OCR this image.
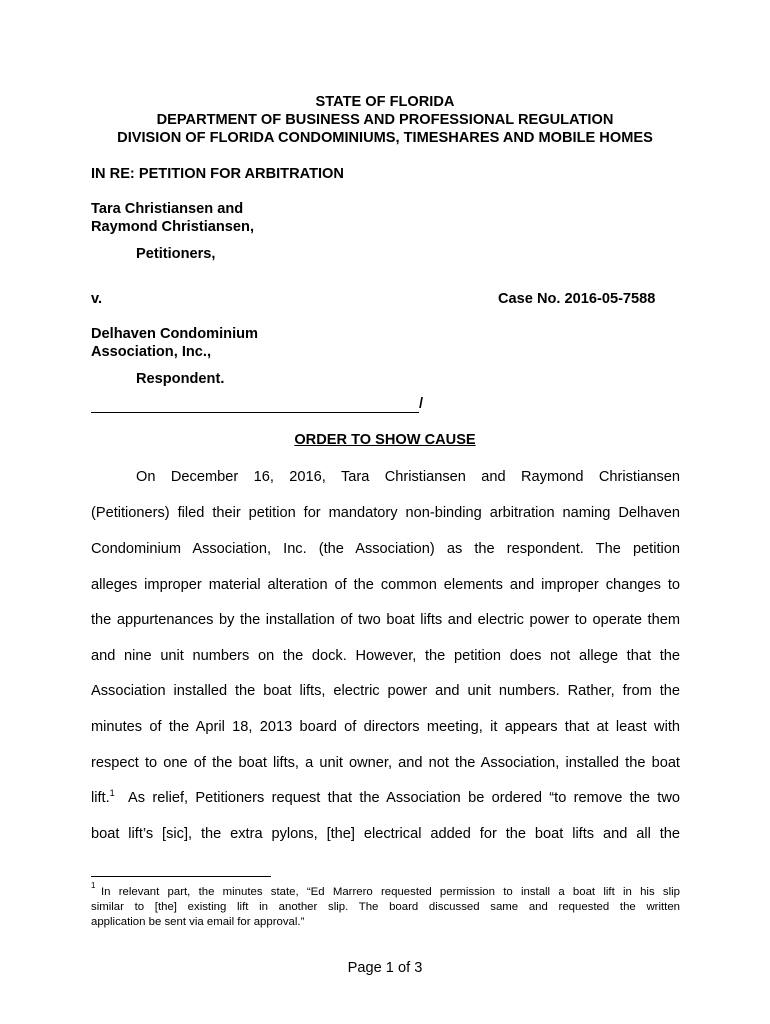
STATE OF FLORIDA
DEPARTMENT OF BUSINESS AND PROFESSIONAL REGULATION
DIVISION OF FLORIDA CONDOMINIUMS, TIMESHARES AND MOBILE HOMES
IN RE: PETITION FOR ARBITRATION
Tara Christiansen and
Raymond Christiansen,
Petitioners,
v.	Case No. 2016-05-7588
Delhaven Condominium
Association, Inc.,
Respondent.
/
ORDER TO SHOW CAUSE
On December 16, 2016, Tara Christiansen and Raymond Christiansen
(Petitioners) filed their petition for mandatory non-binding arbitration naming Delhaven
Condominium Association, Inc. (the Association) as the respondent. The petition
alleges improper material alteration of the common elements and improper changes to
the appurtenances by the installation of two boat lifts and electric power to operate them
and nine unit numbers on the dock. However, the petition does not allege that the
Association installed the boat lifts, electric power and unit numbers. Rather, from the
minutes of the April 18, 2013 board of directors meeting, it appears that at least with
respect to one of the boat lifts, a unit owner, and not the Association, installed the boat
lift.$^1$ As relief, Petitioners request that the Association be ordered “to remove the two
boat lift’s [sic], the extra pylons, [the] electrical added for the boat lifts and all the
$^1$
In relevant part, the minutes state, “Ed Marrero requested permission to install a boat lift in his slip
similar to [the] existing lift in another slip. The board discussed same and requested the written
application be sent via email for approval.”
Page 1 of 3
